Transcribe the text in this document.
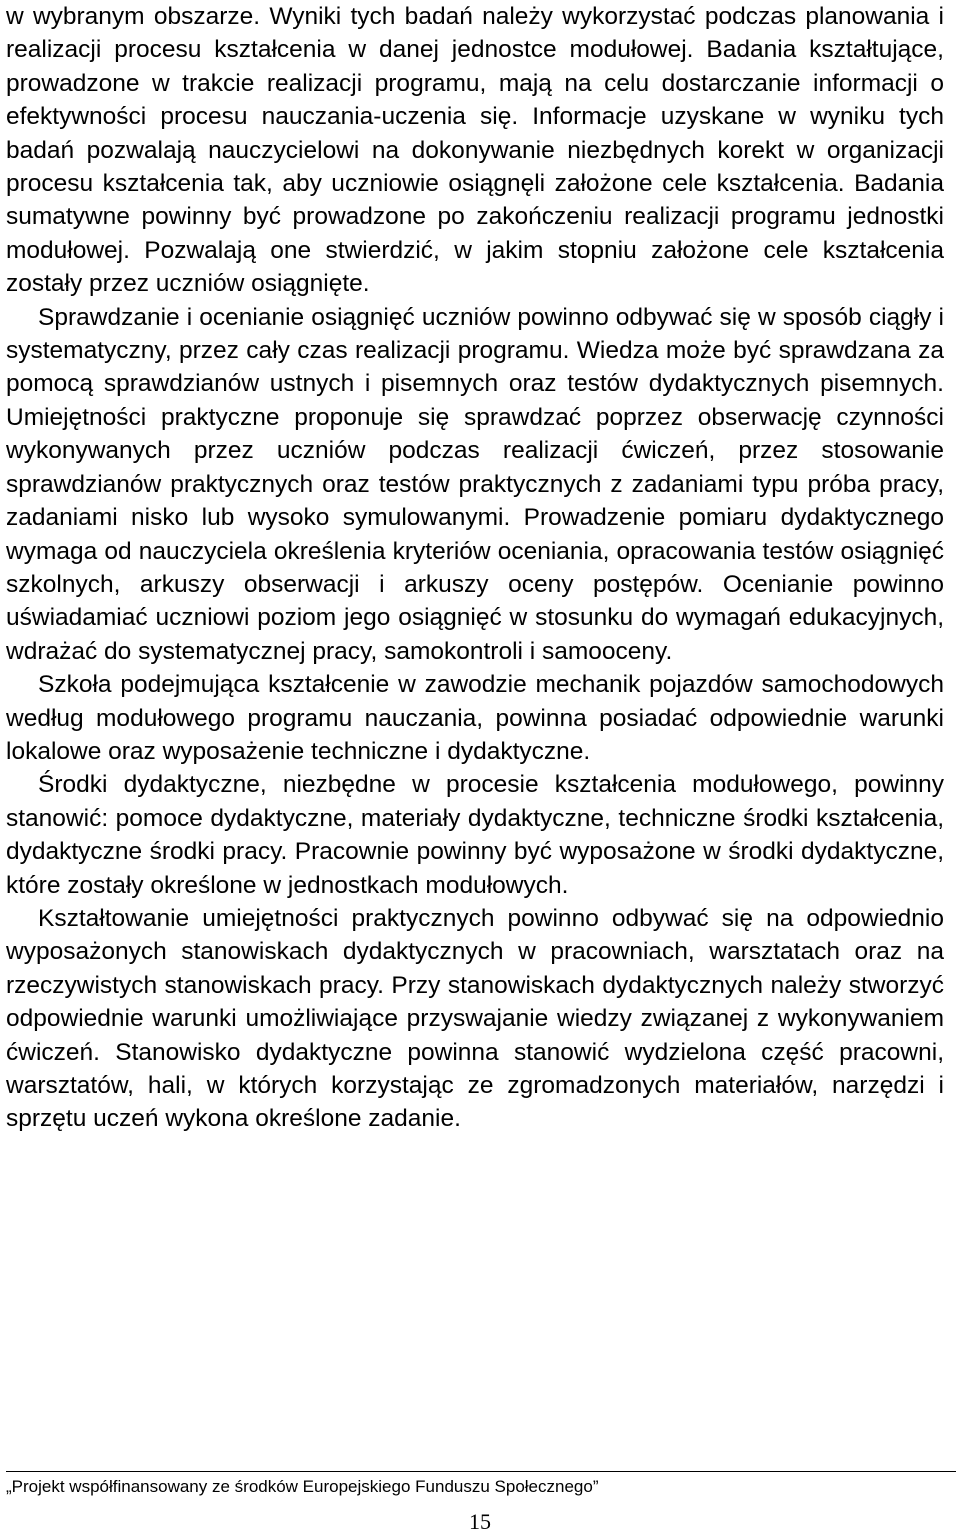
w wybranym obszarze. Wyniki tych badań należy wykorzystać podczas planowania i realizacji procesu kształcenia w danej jednostce modułowej. Badania kształtujące, prowadzone w trakcie realizacji programu, mają na celu dostarczanie informacji o efektywności procesu nauczania-uczenia się. Informacje uzyskane w wyniku tych badań pozwalają nauczycielowi na dokonywanie niezbędnych korekt w organizacji procesu kształcenia tak, aby uczniowie osiągnęli założone cele kształcenia. Badania sumatywne powinny być prowadzone po zakończeniu realizacji programu jednostki modułowej. Pozwalają one stwierdzić, w jakim stopniu założone cele kształcenia zostały przez uczniów osiągnięte.

Sprawdzanie i ocenianie osiągnięć uczniów powinno odbywać się w sposób ciągły i systematyczny, przez cały czas realizacji programu. Wiedza może być sprawdzana za pomocą sprawdzianów ustnych i pisemnych oraz testów dydaktycznych pisemnych. Umiejętności praktyczne proponuje się sprawdzać poprzez obserwację czynności wykonywanych przez uczniów podczas realizacji ćwiczeń, przez stosowanie sprawdzianów praktycznych oraz testów praktycznych z zadaniami typu próba pracy, zadaniami nisko lub wysoko symulowanymi. Prowadzenie pomiaru dydaktycznego wymaga od nauczyciela określenia kryteriów oceniania, opracowania testów osiągnięć szkolnych, arkuszy obserwacji i arkuszy oceny postępów. Ocenianie powinno uświadamiać uczniowi poziom jego osiągnięć w stosunku do wymagań edukacyjnych, wdrażać do systematycznej pracy, samokontroli i samooceny.

Szkoła podejmująca kształcenie w zawodzie mechanik pojazdów samochodowych według modułowego programu nauczania, powinna posiadać odpowiednie warunki lokalowe oraz wyposażenie techniczne i dydaktyczne.

Środki dydaktyczne, niezbędne w procesie kształcenia modułowego, powinny stanowić: pomoce dydaktyczne, materiały dydaktyczne, techniczne środki kształcenia, dydaktyczne środki pracy. Pracownie powinny być wyposażone w środki dydaktyczne, które zostały określone w jednostkach modułowych.

Kształtowanie umiejętności praktycznych powinno odbywać się na odpowiednio wyposażonych stanowiskach dydaktycznych w pracowniach, warsztatach oraz na rzeczywistych stanowiskach pracy. Przy stanowiskach dydaktycznych należy stworzyć odpowiednie warunki umożliwiające przyswajanie wiedzy związanej z wykonywaniem ćwiczeń. Stanowisko dydaktyczne powinna stanowić wydzielona część pracowni, warsztatów, hali, w których korzystając ze zgromadzonych materiałów, narzędzi i sprzętu uczeń wykona określone zadanie.

„Projekt współfinansowany ze środków Europejskiego Funduszu Społecznego”

15
